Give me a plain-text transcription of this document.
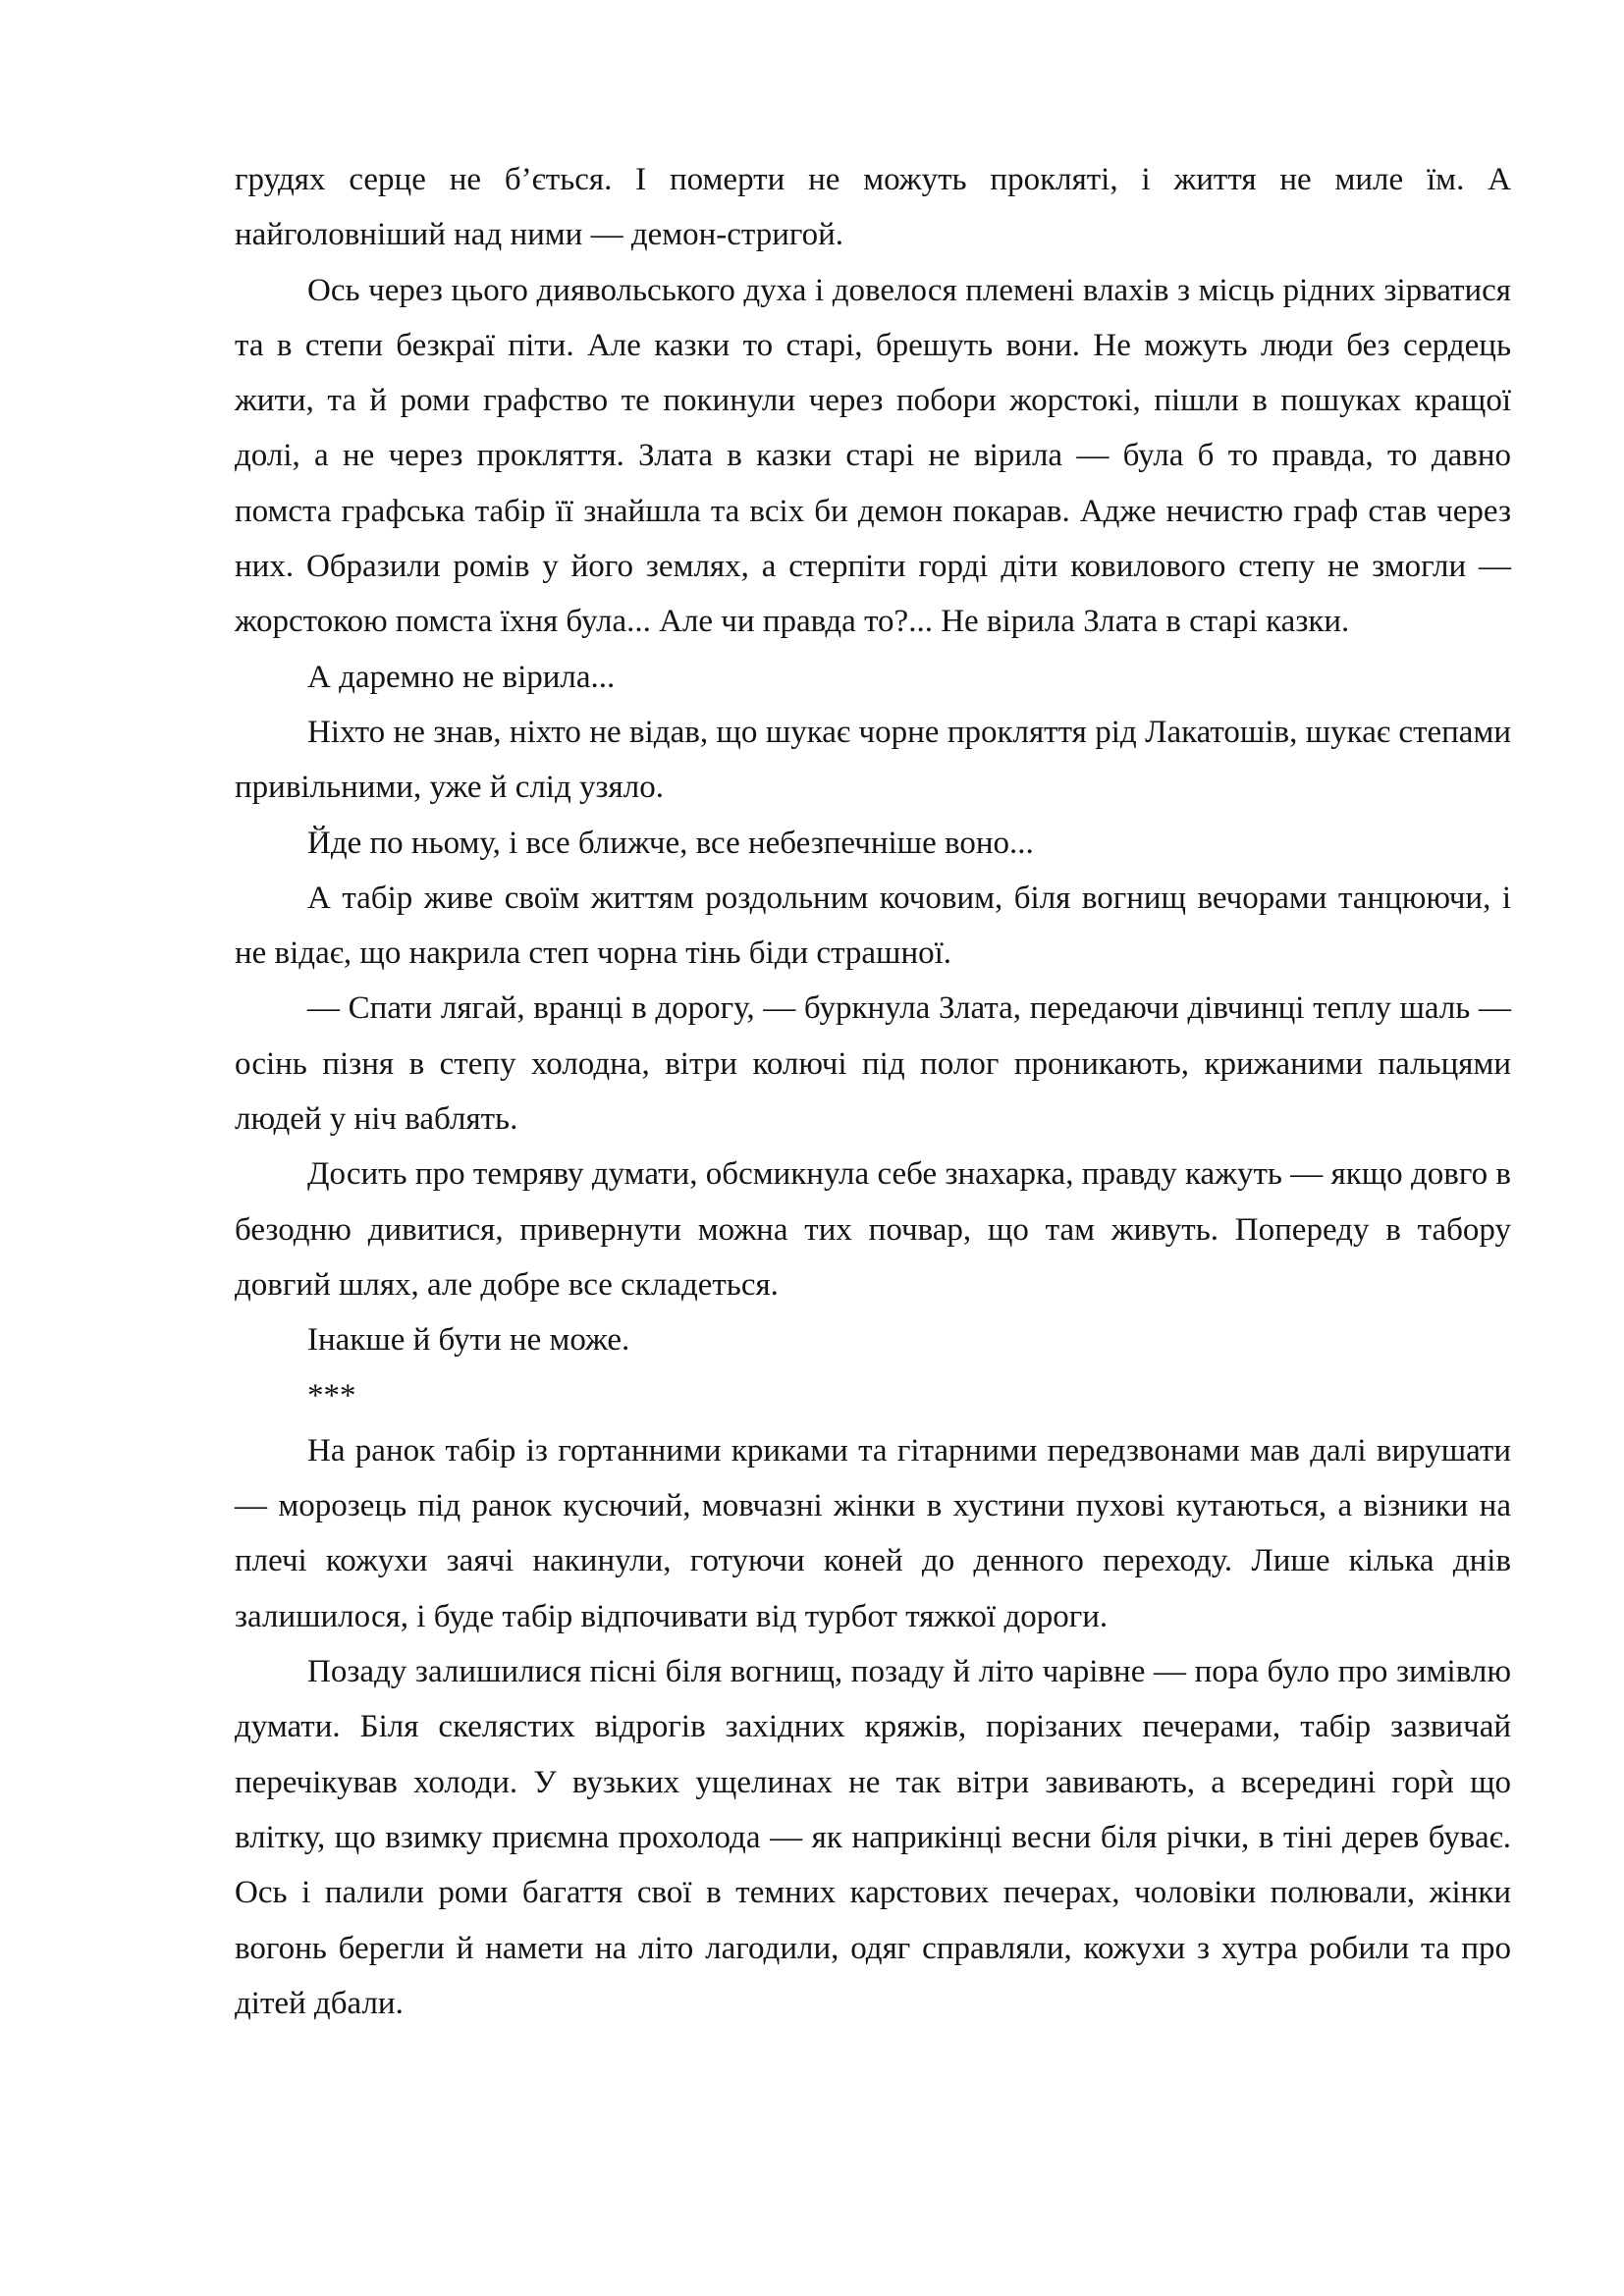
грудях серце не б’ється. І померти не можуть прокляті, і життя не миле їм. А найголовніший над ними — демон-стригой.

Ось через цього диявольського духа і довелося племені влахів з місць рідних зірватися та в степи безкраї піти. Але казки то старі, брешуть вони. Не можуть люди без сердець жити, та й роми графство те покинули через побори жорстокі, пішли в пошуках кращої долі, а не через прокляття. Злата в казки старі не вірила — була б то правда, то давно помста графська табір її знайшла та всіх би демон покарав. Адже нечистю граф став через них. Образили ромів у його землях, а стерпіти горді діти ковилового степу не змогли — жорстокою помста їхня була... Але чи правда то?... Не вірила Злата в старі казки.

А даремно не вірила...

Ніхто не знав, ніхто не відав, що шукає чорне прокляття рід Лакатошів, шукає степами привільними, уже й слід узяло.

Йде по ньому, і все ближче, все небезпечніше воно...

А табір живе своїм життям роздольним кочовим, біля вогнищ вечорами танцюючи, і не відає, що накрила степ чорна тінь біди страшної.

— Спати лягай, вранці в дорогу, — буркнула Злата, передаючи дівчинці теплу шаль — осінь пізня в степу холодна, вітри колючі під полог проникають, крижаними пальцями людей у ніч ваблять.

Досить про темряву думати, обсмикнула себе знахарка, правду кажуть — якщо довго в безодню дивитися, привернути можна тих почвар, що там живуть. Попереду в табору довгий шлях, але добре все складеться.

Інакше й бути не може.

***

На ранок табір із гортанними криками та гітарними передзвонами мав далі вирушати — морозець під ранок кусючий, мовчазні жінки в хустини пухові кутаються, а візники на плечі кожухи заячі накинули, готуючи коней до денного переходу. Лише кілька днів залишилося, і буде табір відпочивати від турбот тяжкої дороги.

Позаду залишилися пісні біля вогнищ, позаду й літо чарівне — пора було про зимівлю думати. Біля скелястих відрогів західних кряжів, порізаних печерами, табір зазвичай перечікував холоди. У вузьких ущелинах не так вітри завивають, а всередині горѝ що влітку, що взимку приємна прохолода — як наприкінці весни біля річки, в тіні дерев буває. Ось і палили роми багаття свої в темних карстових печерах, чоловіки полювали, жінки вогонь берегли й намети на літо лагодили, одяг справляли, кожухи з хутра робили та про дітей дбали.
